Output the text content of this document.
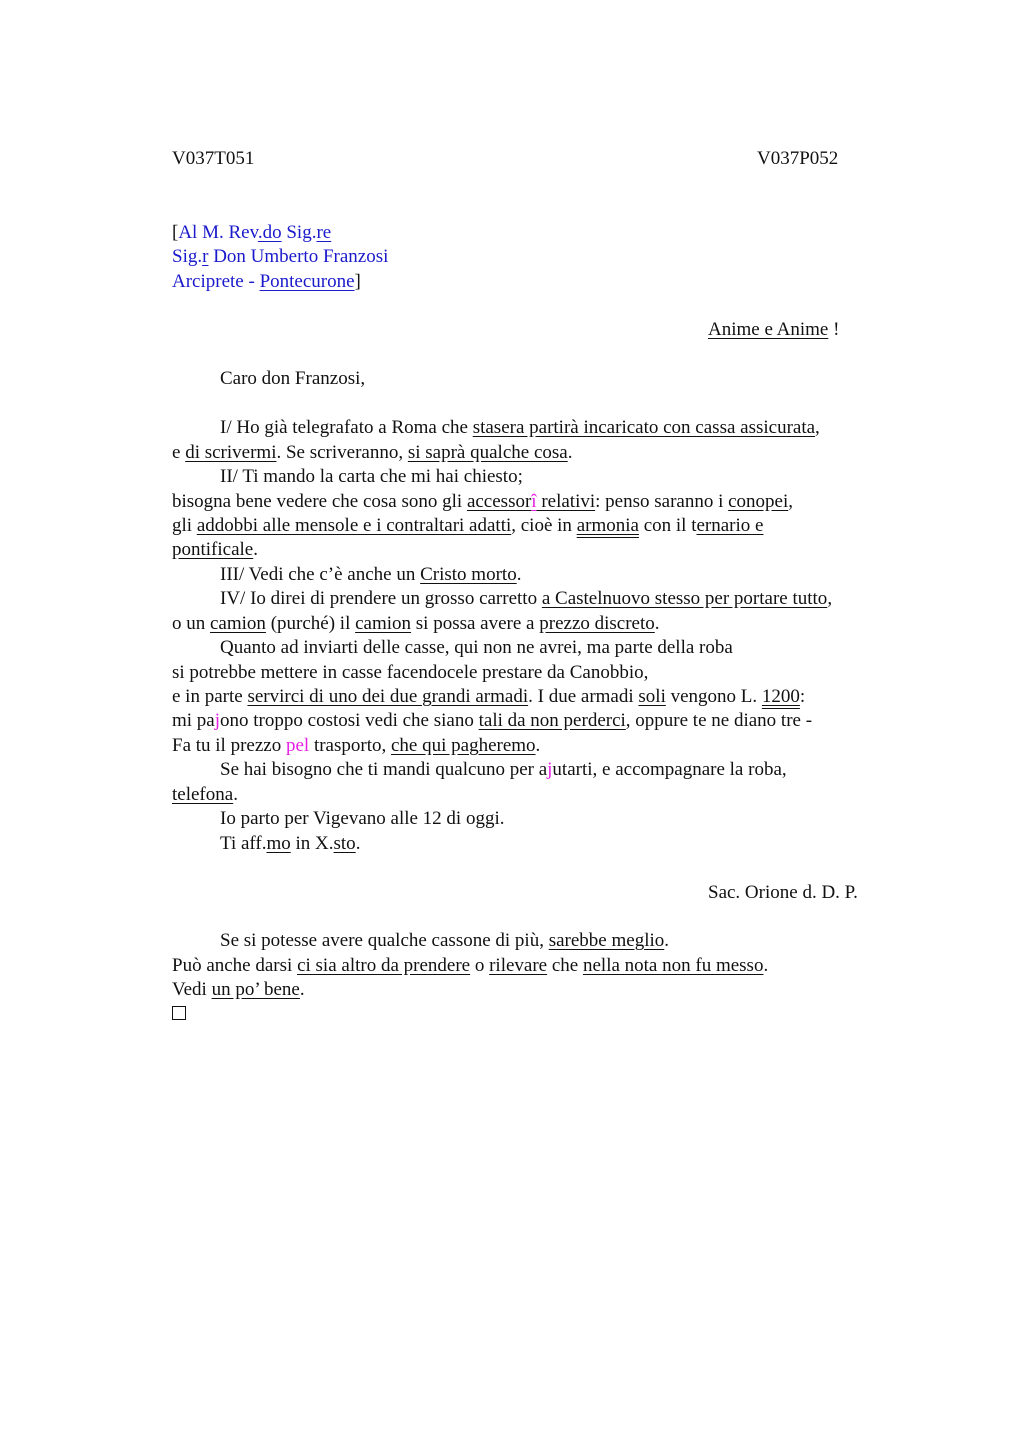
V037T051	V037P052
[Al M. Rev.do Sig.re
Sig.r Don Umberto Franzosi
Arciprete - Pontecurone]
Anime e Anime !
Caro don Franzosi,
I/ Ho già telegrafato a Roma che stasera partirà incaricato con cassa assicurata,
e di scrivermi. Se scriveranno, si saprà qualche cosa.
II/ Ti mando la carta che mi hai chiesto;
bisogna bene vedere che cosa sono gli accessorî relativi: penso saranno i conopei,
gli addobbi alle mensole e i contraltari adatti, cioè in armonia con il ternario e
pontificale.
III/ Vedi che c’è anche un Cristo morto.
IV/ Io direi di prendere un grosso carretto a Castelnuovo stesso per portare tutto,
o un camion (purché) il camion si possa avere a prezzo discreto.
Quanto ad inviarti delle casse, qui non ne avrei, ma parte della roba
si potrebbe mettere in casse facendocele prestare da Canobbio,
e in parte servirci di uno dei due grandi armadi. I due armadi soli vengono L. 1200:
mi pajono troppo costosi vedi che siano tali da non perderci, oppure te ne diano tre -
Fa tu il prezzo pel trasporto, che qui pagheremo.
Se hai bisogno che ti mandi qualcuno per ajutarti, e accompagnare la roba,
telefona.
Io parto per Vigevano alle 12 di oggi.
Ti aff.mo in X.sto.
Sac. Orione d. D. P.
Se si potesse avere qualche cassone di più, sarebbe meglio.
Può anche darsi ci sia altro da prendere o rilevare che nella nota non fu messo.
Vedi un po’ bene.
